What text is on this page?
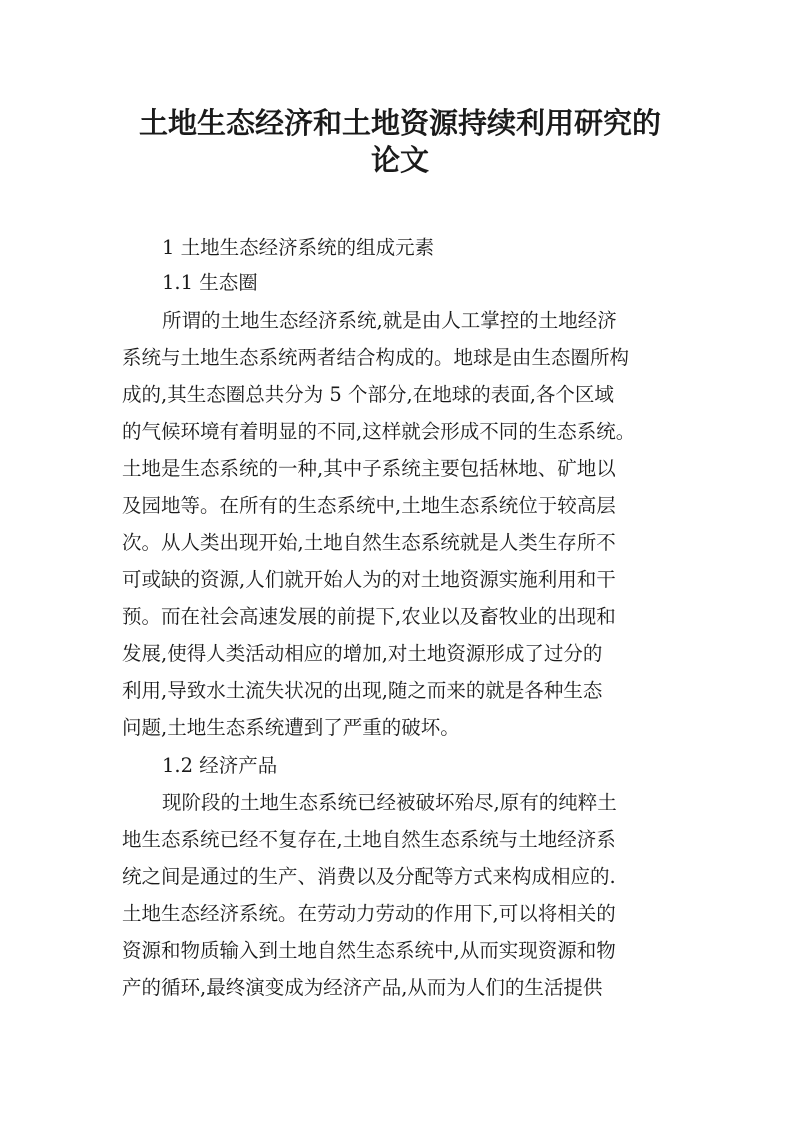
土地生态经济和土地资源持续利用研究的
论文

1 土地生态经济系统的组成元素

1.1 生态圈

所谓的土地生态经济系统,就是由人工掌控的土地经济

系统与土地生态系统两者结合构成的。地球是由生态圈所构

成的,其生态圈总共分为 5 个部分,在地球的表面,各个区域

的气候环境有着明显的不同,这样就会形成不同的生态系统。

土地是生态系统的一种,其中子系统主要包括林地、矿地以

及园地等。在所有的生态系统中,土地生态系统位于较高层

次。从人类出现开始,土地自然生态系统就是人类生存所不

可或缺的资源,人们就开始人为的对土地资源实施利用和干

预。而在社会高速发展的前提下,农业以及畜牧业的出现和

发展,使得人类活动相应的增加,对土地资源形成了过分的

利用,导致水土流失状况的出现,随之而来的就是各种生态

问题,土地生态系统遭到了严重的破坏。

1.2 经济产品

现阶段的土地生态系统已经被破坏殆尽,原有的纯粹土

地生态系统已经不复存在,土地自然生态系统与土地经济系

统之间是通过的生产、消费以及分配等方式来构成相应的.

土地生态经济系统。在劳动力劳动的作用下,可以将相关的

资源和物质输入到土地自然生态系统中,从而实现资源和物

产的循环,最终演变成为经济产品,从而为人们的生活提供
